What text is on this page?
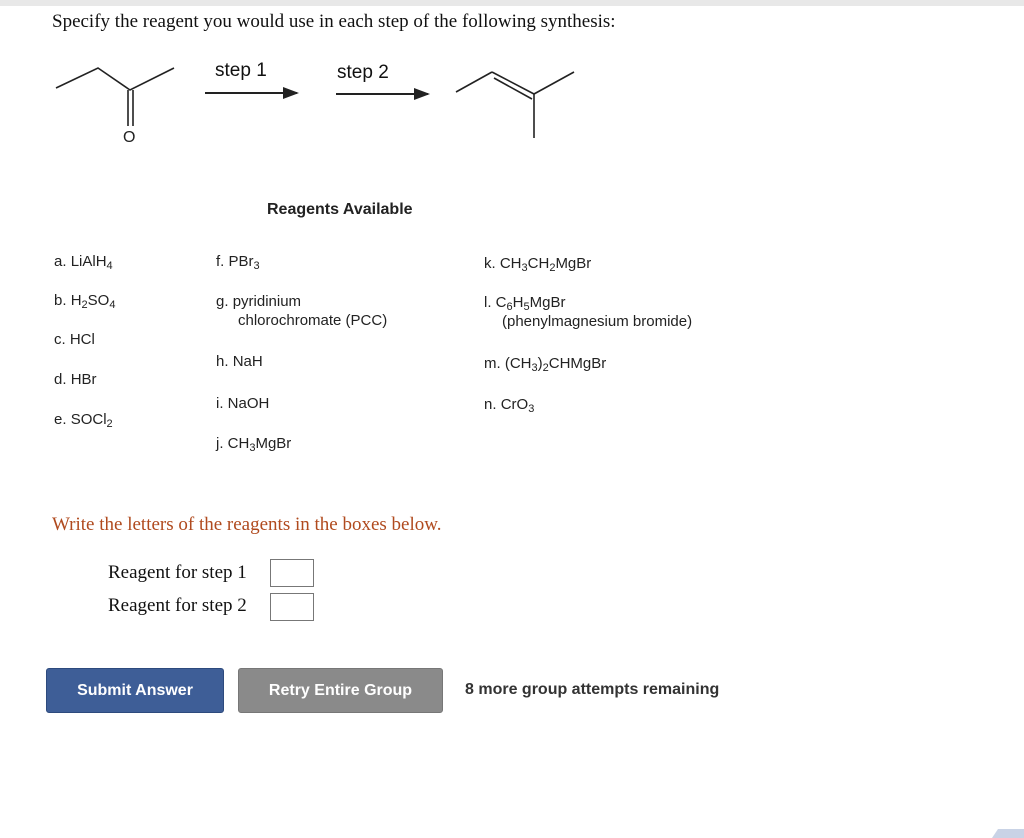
Specify the reagent you would use in each step of the following synthesis:
O
step 1	step 2
Reagents Available
a. LiAlH$_4$
b. $H_2SO_4$
c. HCl
d. HBr
e. SOCl$_2$
f. PBr$_3$
g. pyridinium
chlorochromate (PCC)
h. NaH
i. NaOH
j. $CH_3MgBr$
k. $CH_3CH_2MgBr$
l. $C_6H_5MgBr$
(phenylmagnesium bromide)
m. $(CH_3)_2CHMgBr$
n. CrO$_3$
Write the letters of the reagents in the boxes below.
Reagent for step 1
Reagent for step 2
Submit Answer	Retry Entire Group	8 more group attempts remaining
